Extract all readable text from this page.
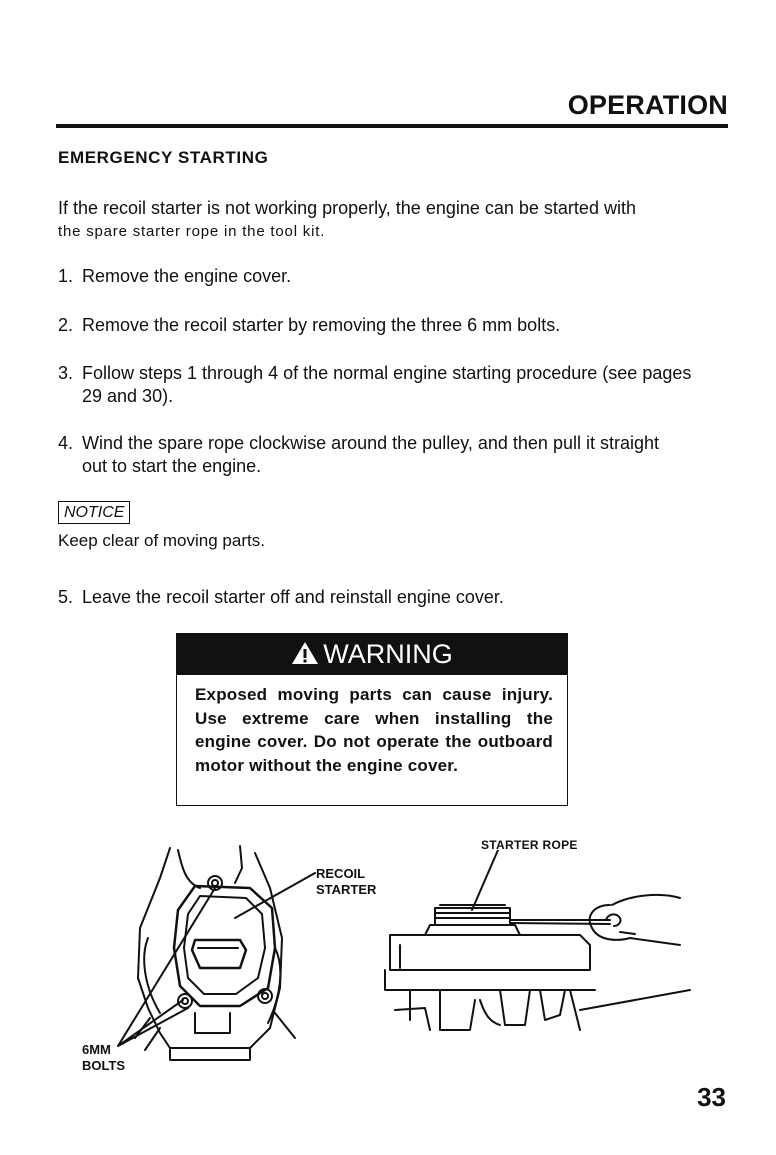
OPERATION
EMERGENCY STARTING
If the recoil starter is not working properly, the engine can be started with
the spare starter rope in the tool kit.
1. Remove the engine cover.
2. Remove the recoil starter by removing the three 6 mm bolts.
3. Follow steps 1 through 4 of the normal engine starting procedure (see pages 29 and 30).
4. Wind the spare rope clockwise around the pulley, and then pull it straight out to start the engine.
NOTICE
Keep clear of moving parts.
5. Leave the recoil starter off and reinstall engine cover.
WARNING
Exposed moving parts can cause injury. Use extreme care when installing the engine cover. Do not operate the outboard motor without the engine cover.
RECOIL
STARTER
6MM
BOLTS
STARTER ROPE
33
